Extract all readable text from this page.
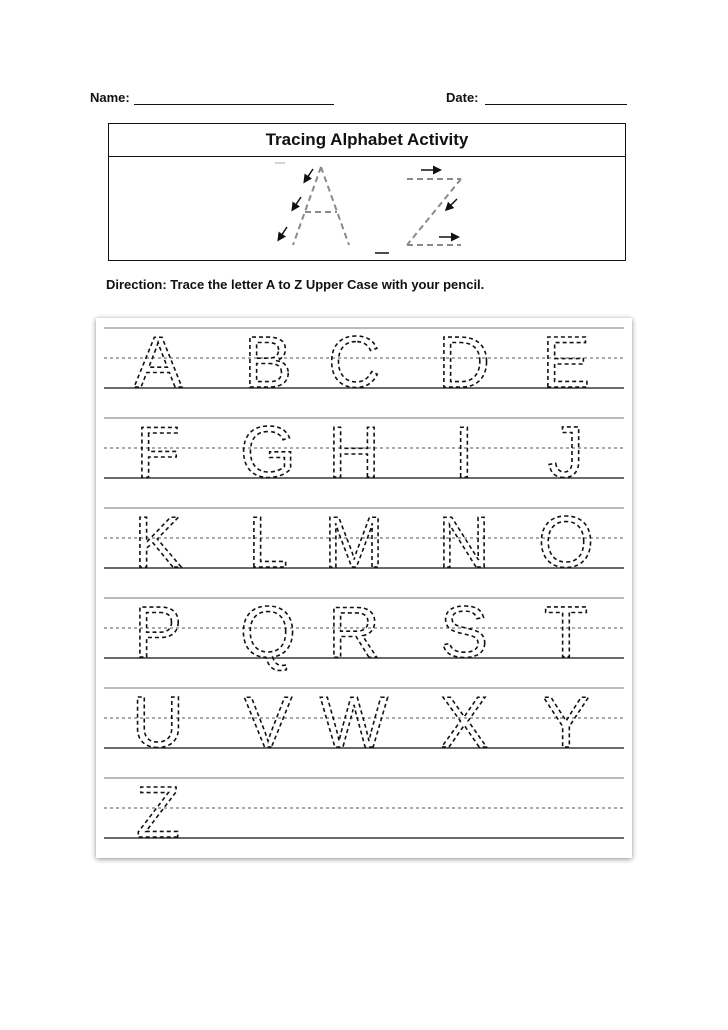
Name:	Date:
Tracing Alphabet Activity
Direction: Trace the letter A to Z Upper Case with your pencil.
A B C D E
F G H I J
K L M N O
P Q R S T
U V W X Y
Z
